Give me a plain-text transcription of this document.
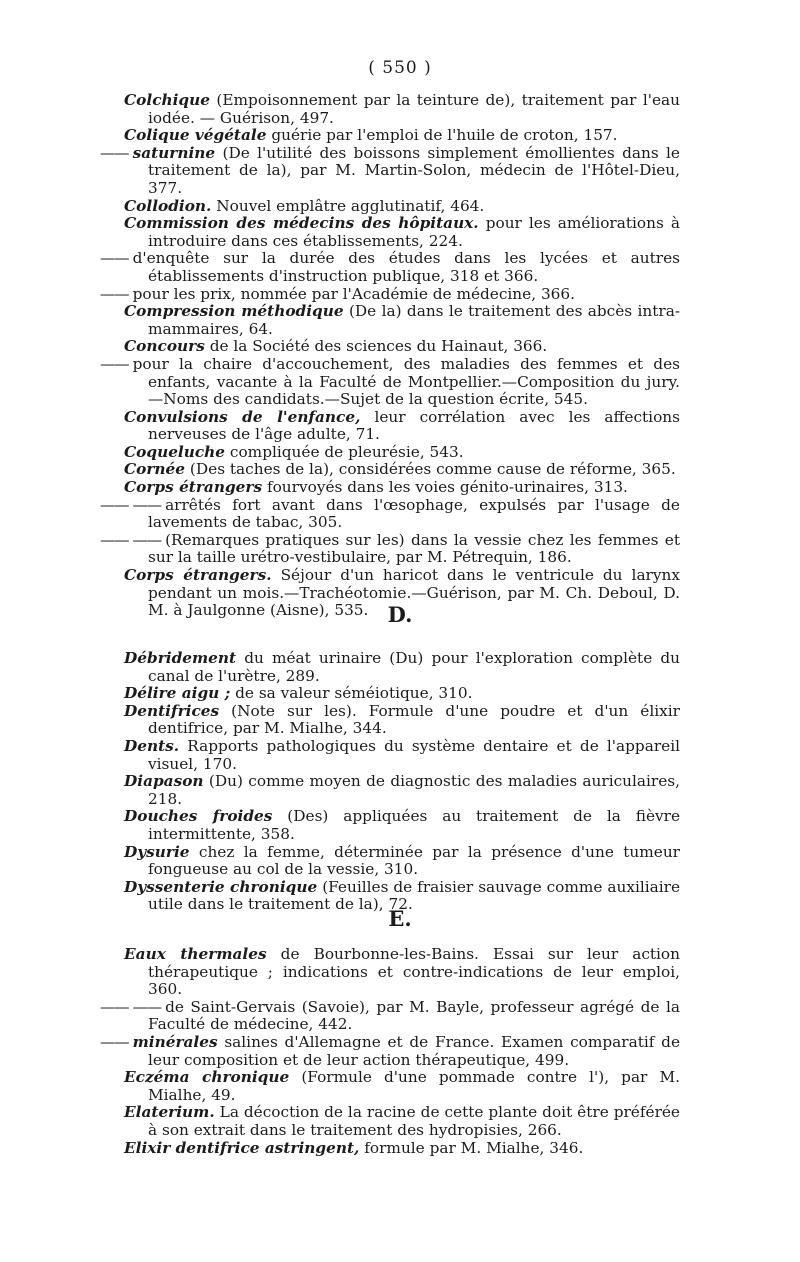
( 550 )

Colchique (Empoisonnement par la teinture de), traitement par l'eau iodée. — Guérison, 497.

Colique végétale guérie par l'emploi de l'huile de croton, 157.

—— saturnine (De l'utilité des boissons simplement émollientes dans le traitement de la), par M. Martin-Solon, médecin de l'Hôtel-Dieu, 377.

Collodion. Nouvel emplâtre agglutinatif, 464.

Commission des médecins des hôpitaux. pour les améliorations à introduire dans ces établissements, 224.

—— d'enquête sur la durée des études dans les lycées et autres établissements d'instruction publique, 318 et 366.

—— pour les prix, nommée par l'Académie de médecine, 366.

Compression méthodique (De la) dans le traitement des abcès intra-mammaires, 64.

Concours de la Société des sciences du Hainaut, 366.

—— pour la chaire d'accouchement, des maladies des femmes et des enfants, vacante à la Faculté de Montpellier.—Composition du jury.—Noms des candidats.—Sujet de la question écrite, 545.

Convulsions de l'enfance, leur corrélation avec les affections nerveuses de l'âge adulte, 71.

Coqueluche compliquée de pleurésie, 543.

Cornée (Des taches de la), considérées comme cause de réforme, 365.

Corps étrangers fourvoyés dans les voies génito-urinaires, 313.

—— —— arrêtés fort avant dans l'œsophage, expulsés par l'usage de lavements de tabac, 305.

—— —— (Remarques pratiques sur les) dans la vessie chez les femmes et sur la taille urétro-vestibulaire, par M. Pétrequin, 186.

Corps étrangers. Séjour d'un haricot dans le ventricule du larynx pendant un mois.—Trachéotomie.—Guérison, par M. Ch. Deboul, D. M. à Jaulgonne (Aisne), 535. D.

Débridement du méat urinaire (Du) pour l'exploration complète du canal de l'urètre, 289.

Délire aigu ; de sa valeur séméiotique, 310.

Dentifrices (Note sur les). Formule d'une poudre et d'un élixir dentifrice, par M. Mialhe, 344.

Dents. Rapports pathologiques du système dentaire et de l'appareil visuel, 170.

Diapason (Du) comme moyen de diagnostic des maladies auriculaires, 218.

Douches froides (Des) appliquées au traitement de la fièvre intermittente, 358.

Dysurie chez la femme, déterminée par la présence d'une tumeur fongueuse au col de la vessie, 310.

Dyssenterie chronique (Feuilles de fraisier sauvage comme auxiliaire utile dans le traitement de la), 72.

E.

Eaux thermales de Bourbonne-les-Bains. Essai sur leur action thérapeutique ; indications et contre-indications de leur emploi, 360.

—— —— de Saint-Gervais (Savoie), par M. Bayle, professeur agrégé de la Faculté de médecine, 442.

—— minérales salines d'Allemagne et de France. Examen comparatif de leur composition et de leur action thérapeutique, 499.

Eczéma chronique (Formule d'une pommade contre l'), par M. Mialhe, 49.

Elaterium. La décoction de la racine de cette plante doit être préférée à son extrait dans le traitement des hydropisies, 266.

Elixir dentifrice astringent, formule par M. Mialhe, 346.
